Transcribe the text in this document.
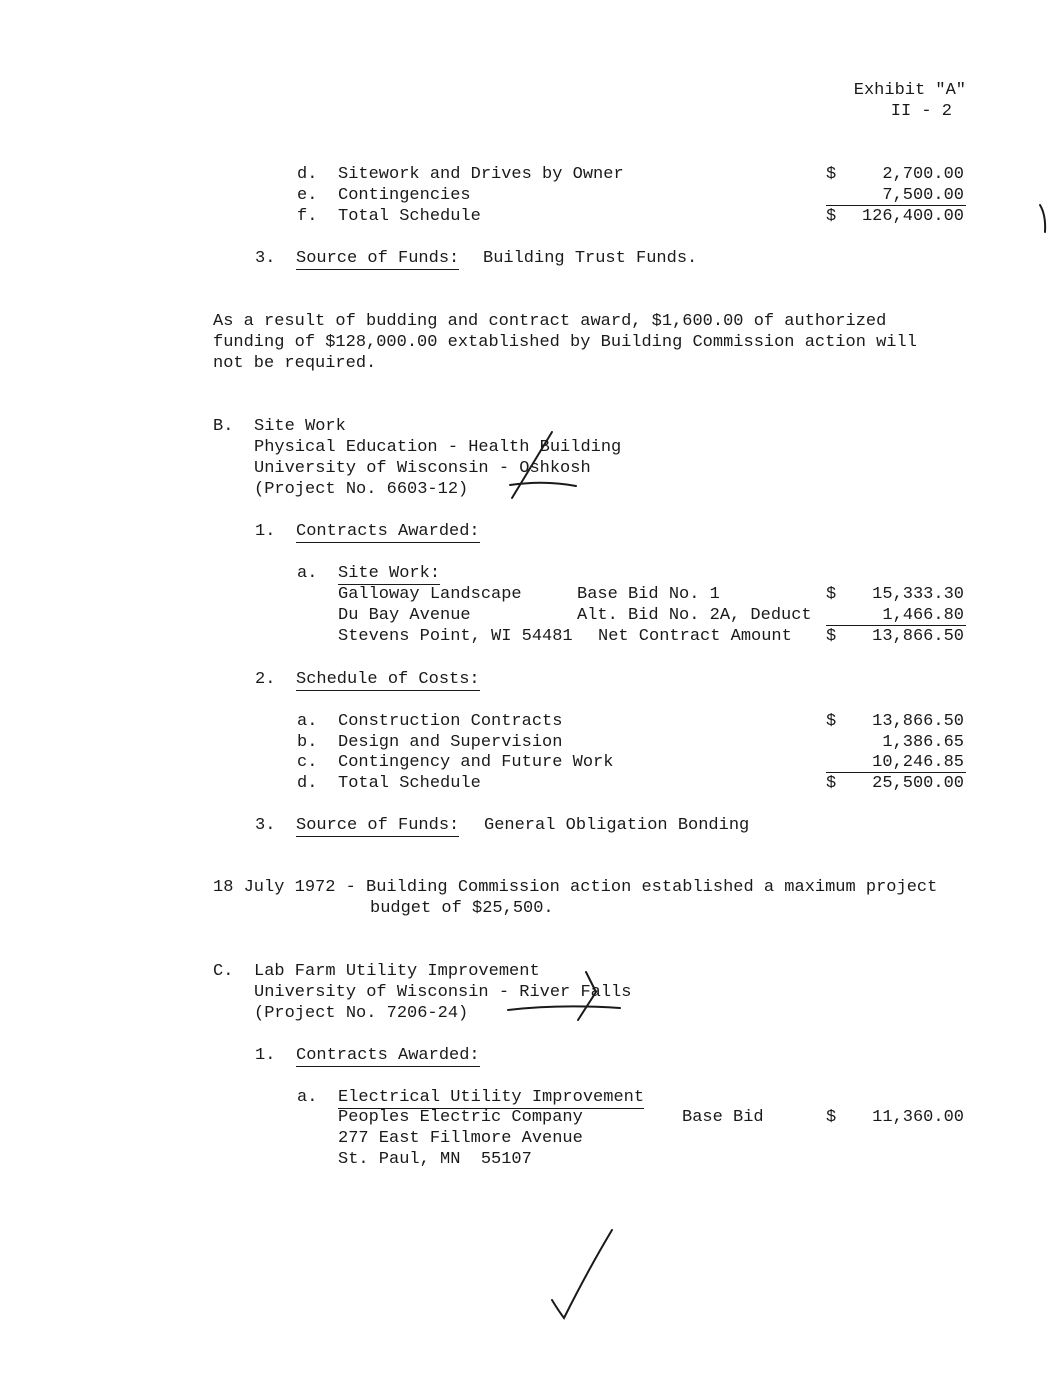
Exhibit "A"
II - 2
d. Sitework and Drives by Owner	$	2,700.00
e. Contingencies	7,500.00
f. Total Schedule	$ 126,400.00
3. Source of Funds: Building Trust Funds.
As a result of budding and contract award, $1,600.00 of authorized
funding of $128,000.00 extablished by Building Commission action will
not be required.
B. Site Work
Physical Education - Health Building
University of Wisconsin - Oshkosh
(Project No. 6603-12)
1. Contracts Awarded:
a. Site Work:
Galloway Landscape	Base Bid No. 1	$ 15,333.30
Du Bay Avenue	Alt. Bid No. 2A, Deduct	1,466.80
Stevens Point, WI 54481 Net Contract Amount $ 13,866.50
2. Schedule of Costs:
a. Construction Contracts	$ 13,866.50
b. Design and Supervision	1,386.65
c. Contingency and Future Work	10,246.85
d. Total Schedule	$ 25,500.00
3. Source of Funds: General Obligation Bonding
18 July 1972 - Building Commission action established a maximum project
budget of $25,500.
C. Lab Farm Utility Improvement
University of Wisconsin - River Falls
(Project No. 7206-24)
1. Contracts Awarded:
a. Electrical Utility Improvement
Peoples Electric Company	Base Bid	$ 11,360.00
277 East Fillmore Avenue
St. Paul, MN  55107
